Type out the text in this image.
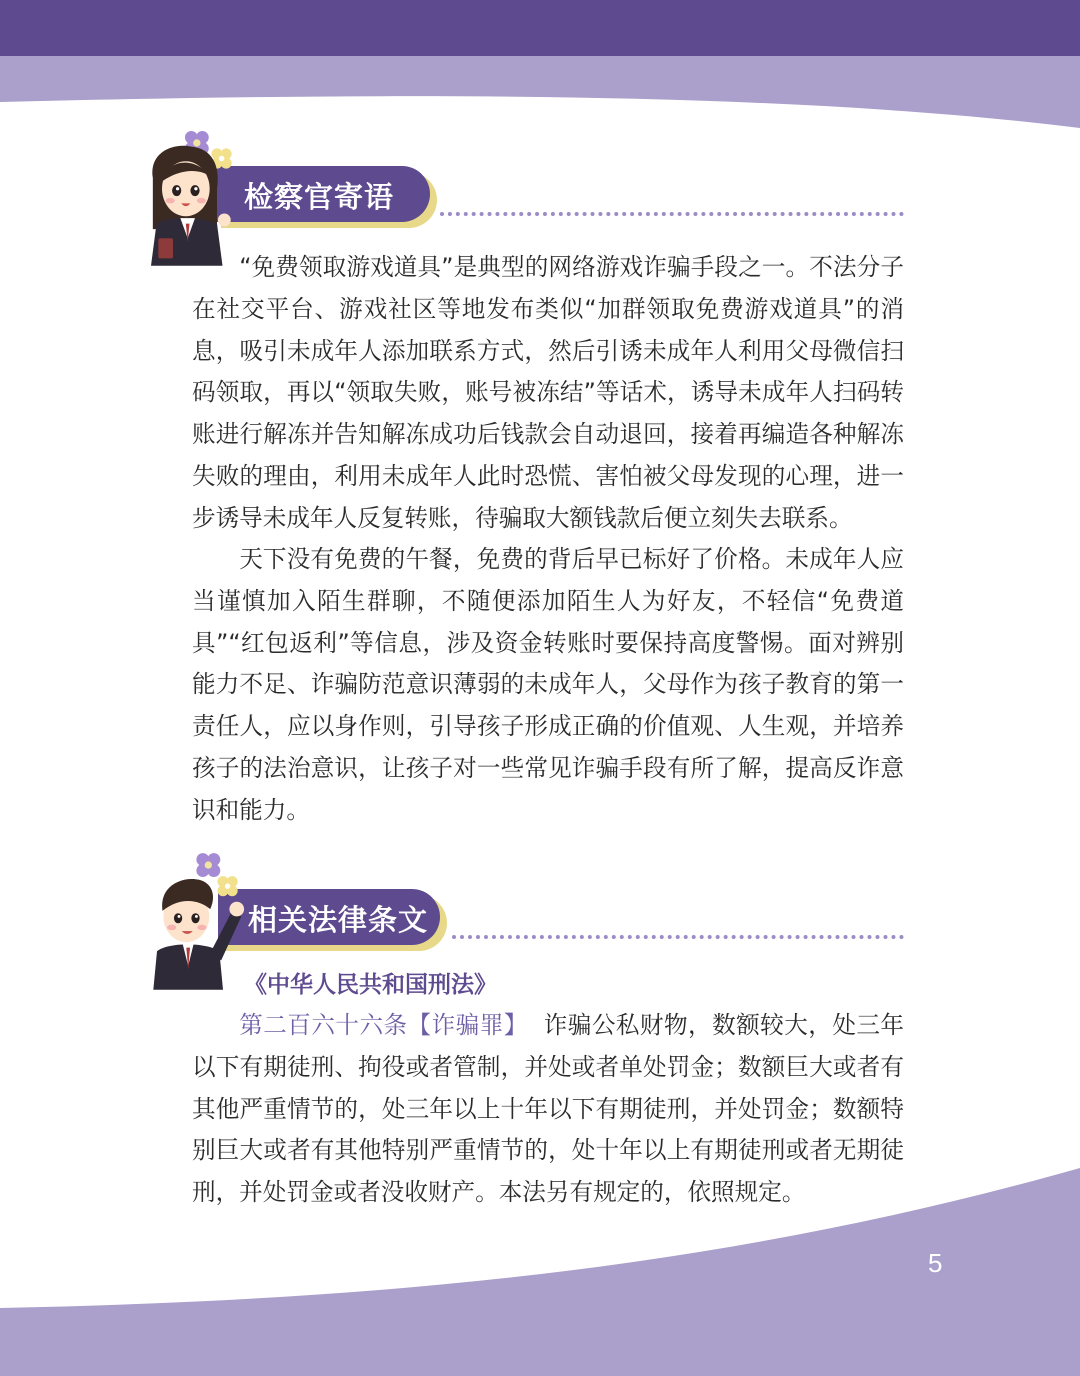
检察官寄语

“免费领取游戏道具”是典型的网络游戏诈骗手段之一。不法分子在社交平台、游戏社区等地发布类似“加群领取免费游戏道具”的消息，吸引未成年人添加联系方式，然后引诱未成年人利用父母微信扫码领取，再以“领取失败，账号被冻结”等话术，诱导未成年人扫码转账进行解冻并告知解冻成功后钱款会自动退回，接着再编造各种解冻失败的理由，利用未成年人此时恐慌、害怕被父母发现的心理，进一步诱导未成年人反复转账，待骗取大额钱款后便立刻失去联系。

天下没有免费的午餐，免费的背后早已标好了价格。未成年人应当谨慎加入陌生群聊，不随便添加陌生人为好友，不轻信“免费道具”“红包返利”等信息，涉及资金转账时要保持高度警惕。面对辨别能力不足、诈骗防范意识薄弱的未成年人，父母作为孩子教育的第一责任人，应以身作则，引导孩子形成正确的价值观、人生观，并培养孩子的法治意识，让孩子对一些常见诈骗手段有所了解，提高反诈意识和能力。

相关法律条文

《中华人民共和国刑法》

第二百六十六条【诈骗罪】 诈骗公私财物，数额较大，处三年以下有期徒刑、拘役或者管制，并处或者单处罚金；数额巨大或者有其他严重情节的，处三年以上十年以下有期徒刑，并处罚金；数额特别巨大或者有其他特别严重情节的，处十年以上有期徒刑或者无期徒刑，并处罚金或者没收财产。本法另有规定的，依照规定。

5
